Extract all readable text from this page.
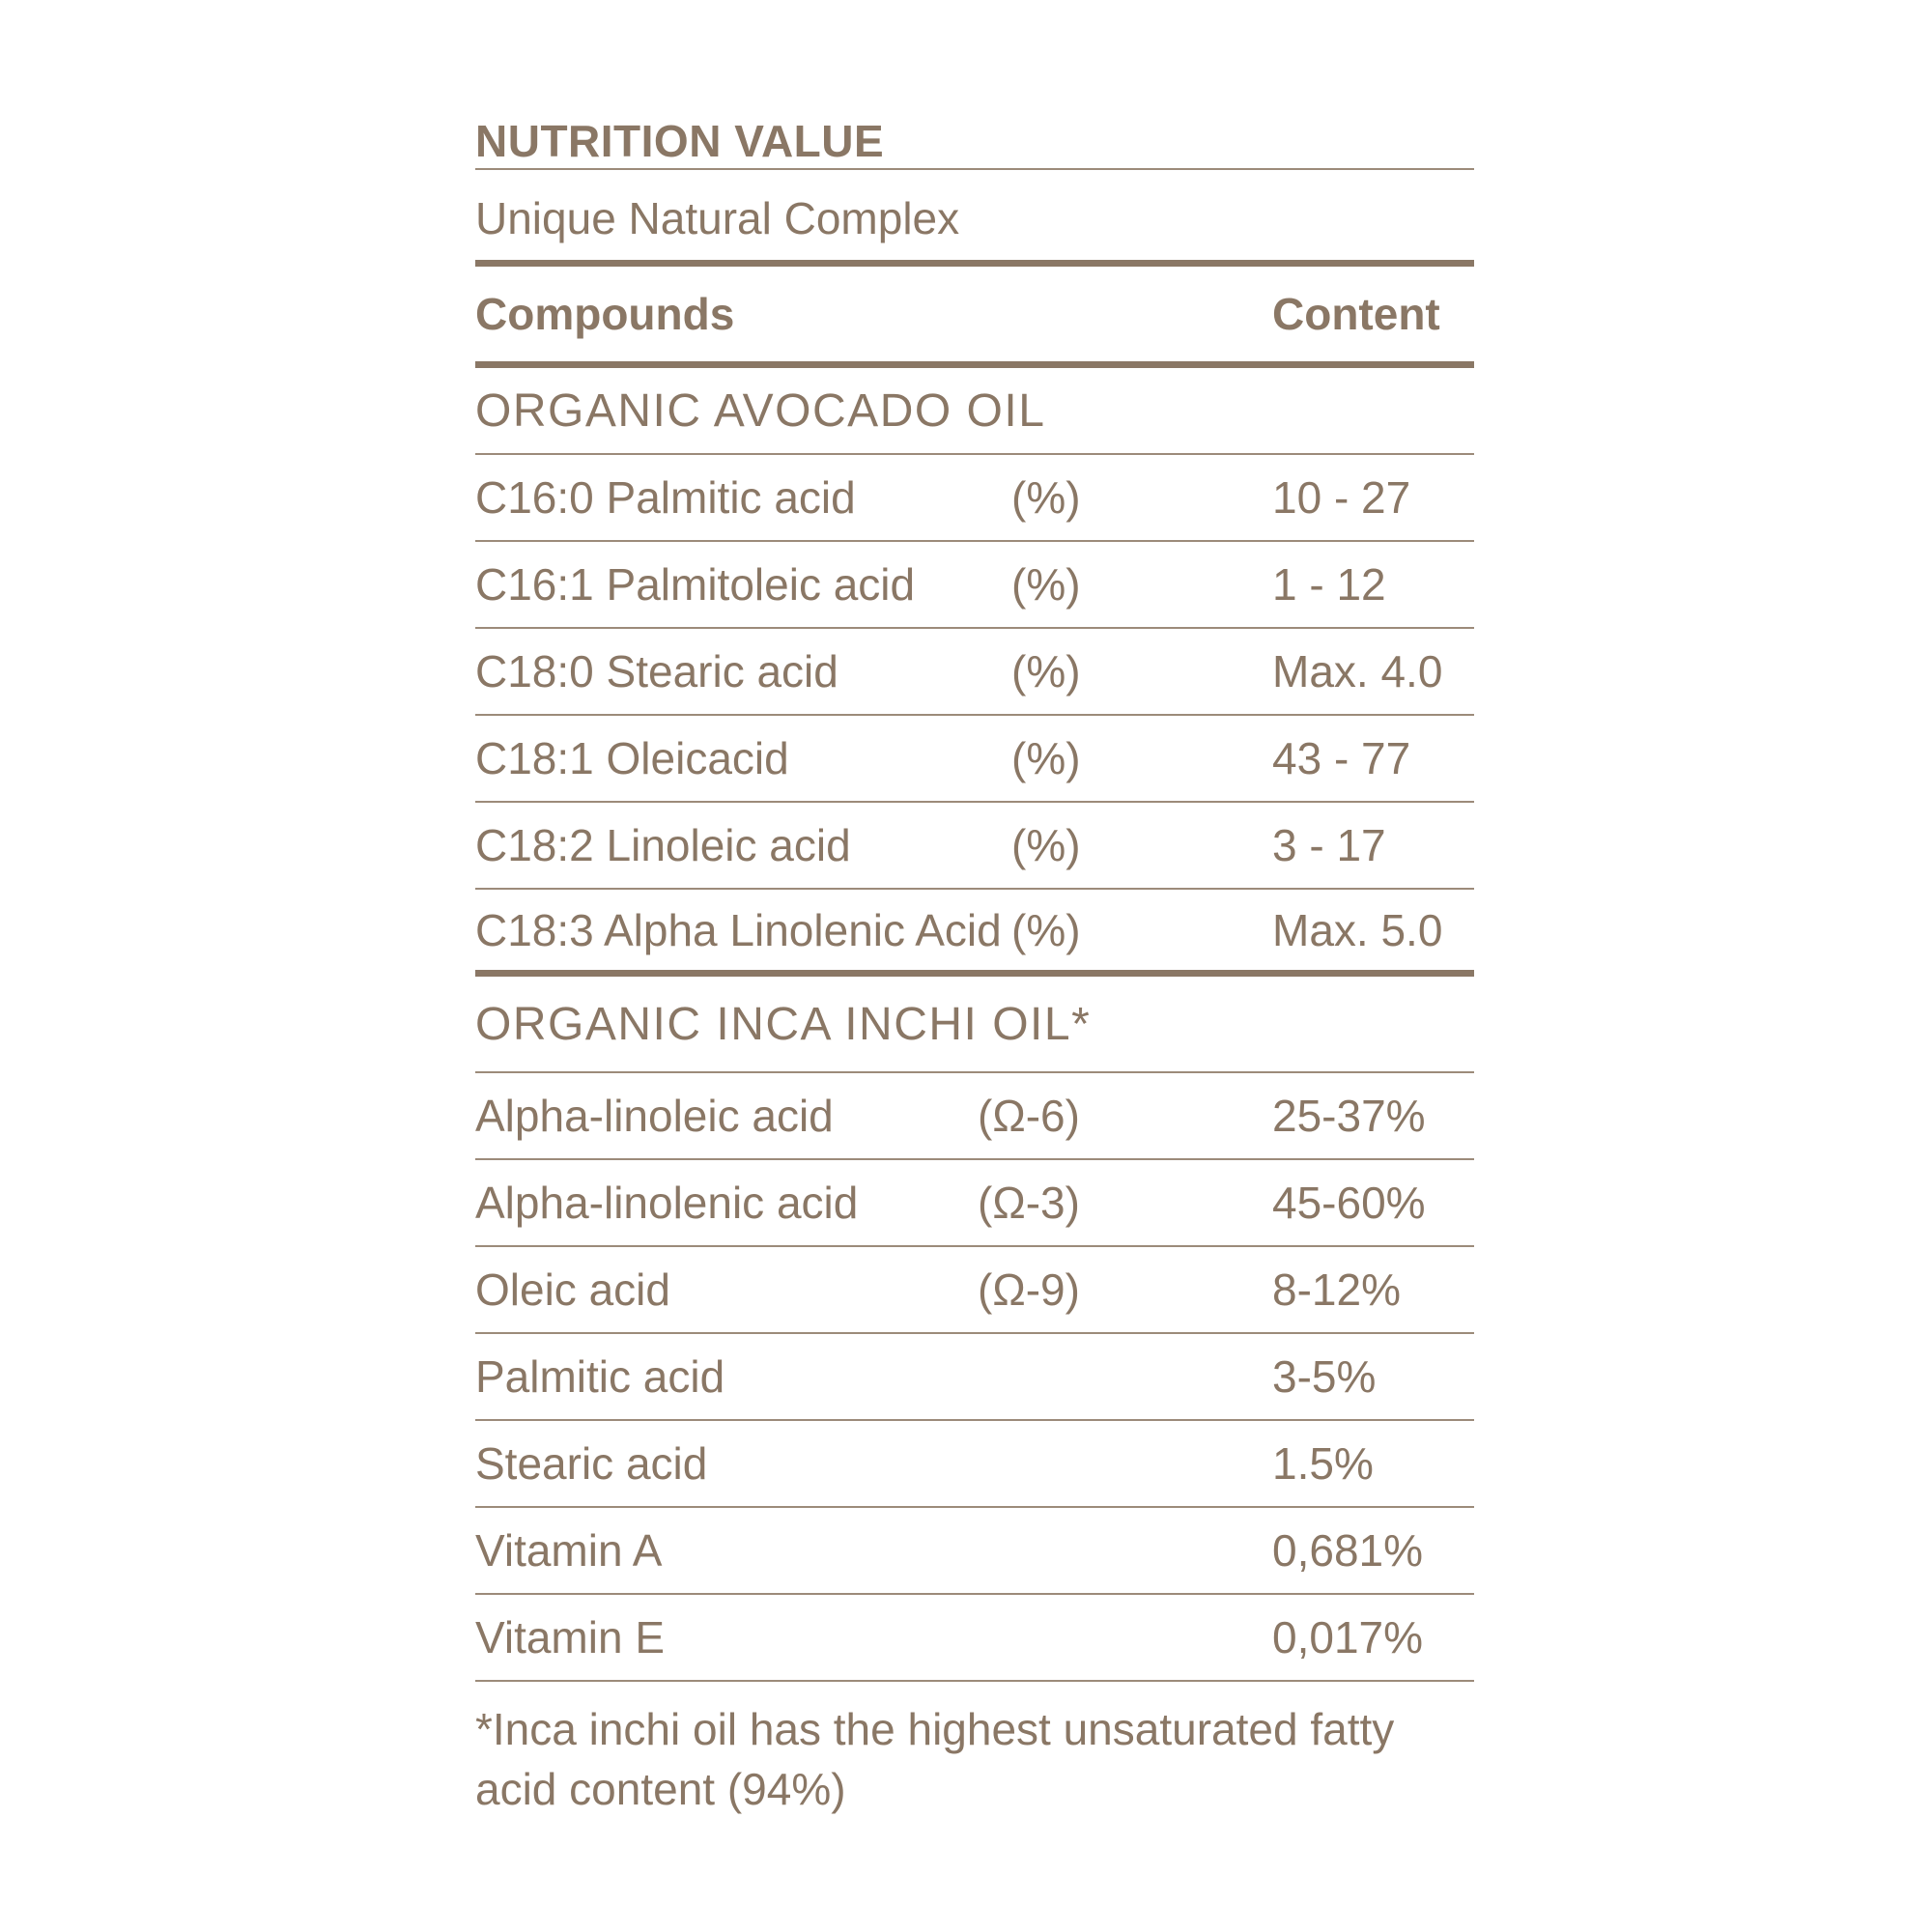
NUTRITION VALUE
Unique Natural Complex
Compounds	Content
ORGANIC AVOCADO OIL
C16:0 Palmitic acid	(%)	10 - 27
C16:1 Palmitoleic acid	(%)	1 - 12
C18:0 Stearic acid	(%)	Max. 4.0
C18:1 Oleicacid	(%)	43 - 77
C18:2 Linoleic acid	(%)	3 - 17
C18:3 Alpha Linolenic Acid (%)	Max. 5.0
ORGANIC INCA INCHI OIL*
Alpha-linoleic acid	(Ω-6)	25-37%
Alpha-linolenic acid	(Ω-3)	45-60%
Oleic acid	(Ω-9)	8-12%
Palmitic acid	3-5%
Stearic acid	1.5%
Vitamin A	0,681%
Vitamin E	0,017%
*Inca inchi oil has the highest unsaturated fatty acid content (94%)
